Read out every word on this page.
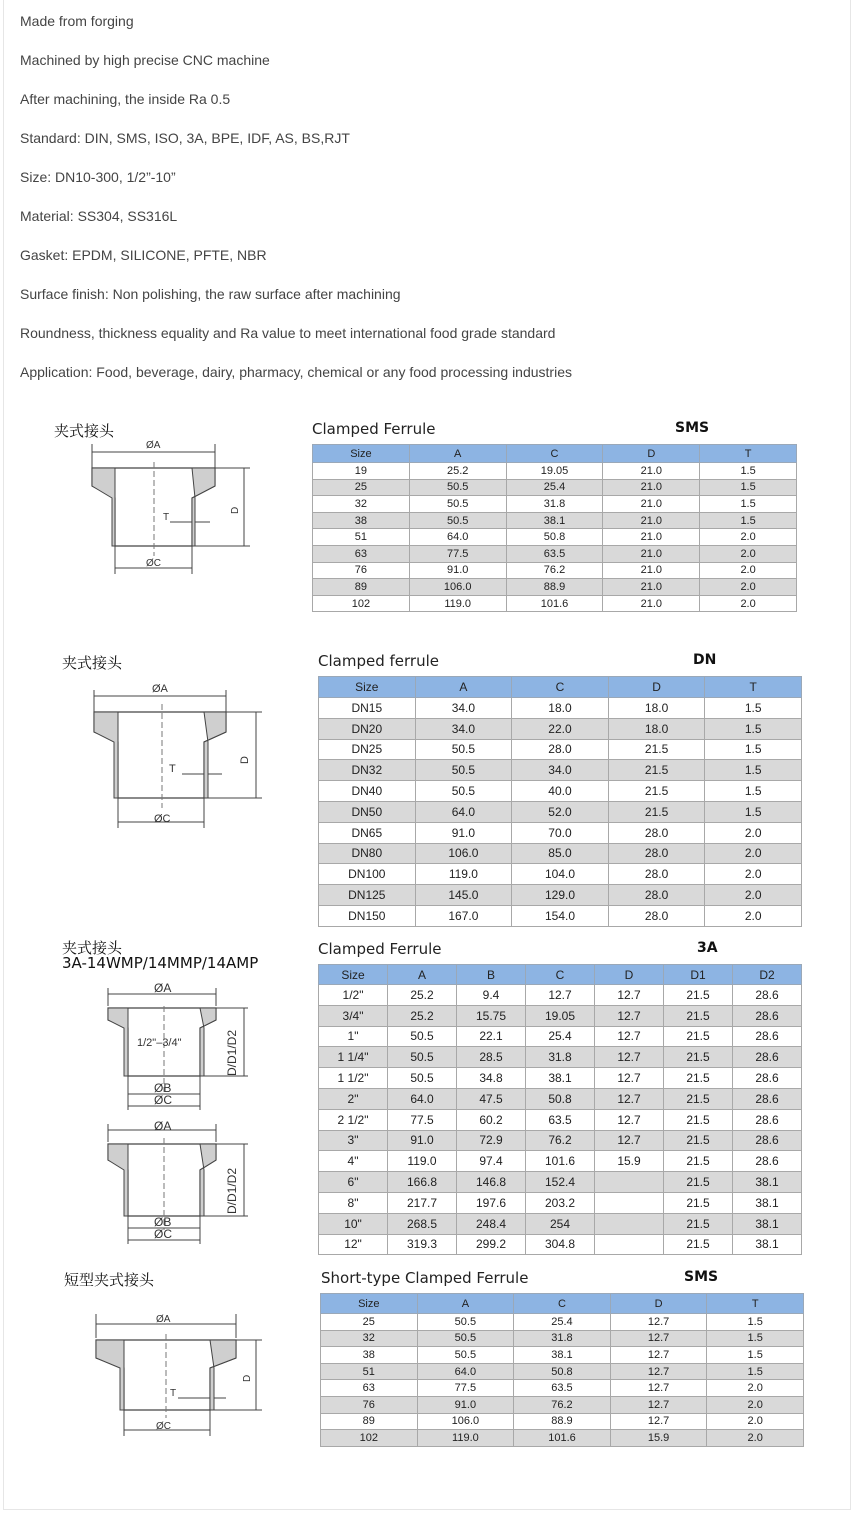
Made from forging

Machined by high precise CNC machine

After machining, the inside Ra 0.5

Standard: DIN, SMS, ISO, 3A, BPE, IDF, AS, BS,RJT

Size: DN10-300, 1/2”-10”

Material: SS304, SS316L

Gasket: EPDM, SILICONE, PFTE, NBR

Surface finish: Non polishing, the raw surface after machining

Roundness, thickness equality and Ra value to meet international food grade standard

Application: Food, beverage, dairy, pharmacy, chemical or any food processing industries

夹式接头
ØA
ØC
T
D
Clamped Ferrule	SMS
Size	A	C	D	T
19	25.2	19.05	21.0	1.5
25	50.5	25.4	21.0	1.5
32	50.5	31.8	21.0	1.5
38	50.5	38.1	21.0	1.5
51	64.0	50.8	21.0	2.0
63	77.5	63.5	21.0	2.0
76	91.0	76.2	21.0	2.0
89	106.0	88.9	21.0	2.0
102	119.0	101.6	21.0	2.0
夹式接头
ØA
ØC
T
D
Clamped ferrule	DN
Size	A	C	D	T
DN15	34.0	18.0	18.0	1.5
DN20	34.0	22.0	18.0	1.5
DN25	50.5	28.0	21.5	1.5
DN32	50.5	34.0	21.5	1.5
DN40	50.5	40.0	21.5	1.5
DN50	64.0	52.0	21.5	1.5
DN65	91.0	70.0	28.0	2.0
DN80	106.0	85.0	28.0	2.0
DN100	119.0	104.0	28.0	2.0
DN125	145.0	129.0	28.0	2.0
DN150	167.0	154.0	28.0	2.0
夹式接头
3A-14WMP/14MMP/14AMP
ØA
1/2"–3/4"
ØB
ØC
D/D1/D2
ØA
ØB
ØC
D/D1/D2
Clamped Ferrule	3A
Size	A	B	C	D	D1	D2
1/2"	25.2	9.4	12.7	12.7	21.5	28.6
3/4"	25.2	15.75	19.05	12.7	21.5	28.6
1"	50.5	22.1	25.4	12.7	21.5	28.6
1 1/4"	50.5	28.5	31.8	12.7	21.5	28.6
1 1/2"	50.5	34.8	38.1	12.7	21.5	28.6
2"	64.0	47.5	50.8	12.7	21.5	28.6
2 1/2"	77.5	60.2	63.5	12.7	21.5	28.6
3"	91.0	72.9	76.2	12.7	21.5	28.6
4"	119.0	97.4	101.6	15.9	21.5	28.6
6"	166.8	146.8	152.4		21.5	38.1
8"	217.7	197.6	203.2		21.5	38.1
10"	268.5	248.4	254		21.5	38.1
12"	319.3	299.2	304.8		21.5	38.1
短型夹式接头
ØA
ØC
T
D
Short-type Clamped Ferrule	SMS
Size	A	C	D	T
25	50.5	25.4	12.7	1.5
32	50.5	31.8	12.7	1.5
38	50.5	38.1	12.7	1.5
51	64.0	50.8	12.7	1.5
63	77.5	63.5	12.7	2.0
76	91.0	76.2	12.7	2.0
89	106.0	88.9	12.7	2.0
102	119.0	101.6	15.9	2.0
